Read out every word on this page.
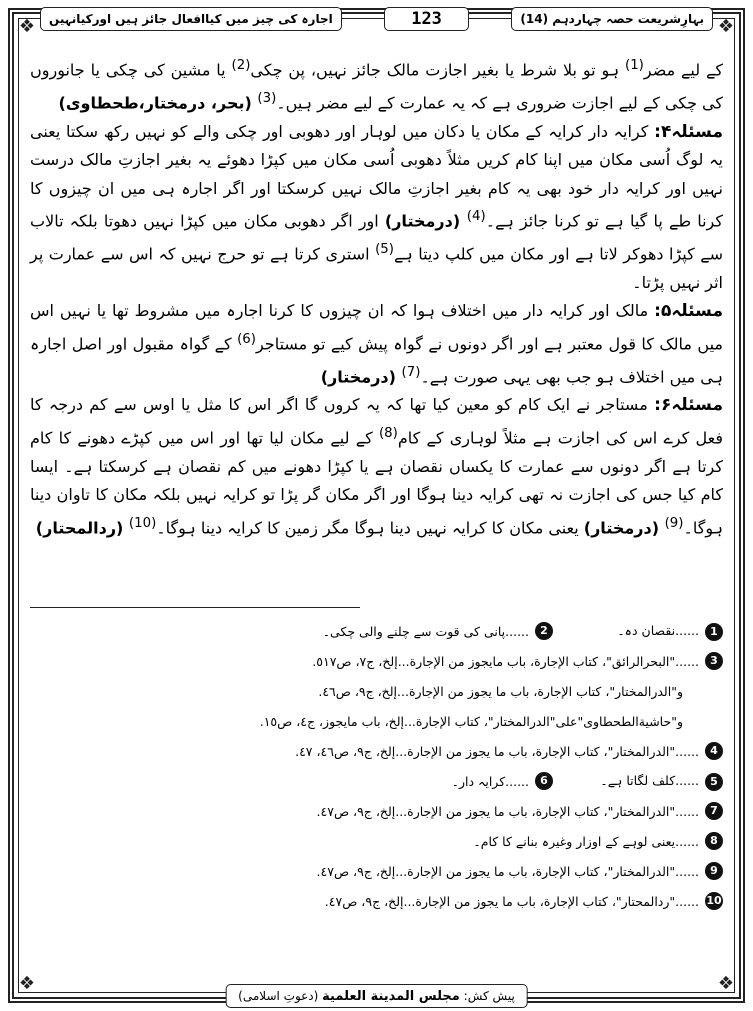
❖	❖
❖	❖
بہارِشریعت حصہ چہاردہم (14)
123
اجارہ کی چیز میں کیاافعال جائز ہیں اورکیانہیں

کے لیے مضر$^{(1)}$ ہو تو بلا شرط یا بغیر اجازت مالک جائز نہیں، پن چکی$^{(2)}$ یا مشین کی چکی یا جانوروں کی چکی کے لیے اجازت ضروری ہے کہ یہ عمارت کے لیے مضر ہیں۔$^{(3)}$ (بحر، درمختار،طحطاوی)

مسئلہ۴: کرایہ دار کرایہ کے مکان یا دکان میں لوہار اور دھوبی اور چکی والے کو نہیں رکھ سکتا یعنی یہ لوگ اُسی مکان میں اپنا کام کریں مثلاً دھوبی اُسی مکان میں کپڑا دھوئے یہ بغیر اجازتِ مالک درست نہیں اور کرایہ دار خود بھی یہ کام بغیر اجازتِ مالک نہیں کرسکتا اور اگر اجارہ ہی میں ان چیزوں کا کرنا طے پا گیا ہے تو کرنا جائز ہے۔$^{(4)}$ (درمختار) اور اگر دھوبی مکان میں کپڑا نہیں دھوتا بلکہ تالاب سے کپڑا دھوکر لاتا ہے اور مکان میں کلپ دیتا ہے$^{(5)}$ استری کرتا ہے تو حرج نہیں کہ اس سے عمارت پر اثر نہیں پڑتا۔

مسئلہ۵: مالک اور کرایہ دار میں اختلاف ہوا کہ ان چیزوں کا کرنا اجارہ میں مشروط تھا یا نہیں اس میں مالک کا قول معتبر ہے اور اگر دونوں نے گواہ پیش کیے تو مستاجر$^{(6)}$ کے گواہ مقبول اور اصل اجارہ ہی میں اختلاف ہو جب بھی یہی صورت ہے۔$^{(7)}$ (درمختار)

مسئلہ۶: مستاجر نے ایک کام کو معین کیا تھا کہ یہ کروں گا اگر اس کا مثل یا اوس سے کم درجہ کا فعل کرے اس کی اجازت ہے مثلاً لوہاری کے کام$^{(8)}$ کے لیے مکان لیا تھا اور اس میں کپڑے دھونے کا کام کرتا ہے اگر دونوں سے عمارت کا یکساں نقصان ہے یا کپڑا دھونے میں کم نقصان ہے کرسکتا ہے۔ ایسا کام کیا جس کی اجازت نہ تھی کرایہ دینا ہوگا اور اگر مکان گر پڑا تو کرایہ نہیں بلکہ مکان کا تاوان دینا ہوگا۔$^{(9)}$ (درمختار) یعنی مکان کا کرایہ نہیں دینا ہوگا مگر زمین کا کرایہ دینا ہوگا۔$^{(10)}$ (ردالمحتار)

1......نقصان دہ۔
2
......پانی کی قوت سے چلنے والی چکی۔
3
......"البحرالرائق"، كتاب الإجارة، باب مايجوز من الإجارة...إلخ، ج٧، ص٥١٧.
و"الدرالمختار"، كتاب الإجارة، باب ما يجوز من الإجارة...إلخ، ج٩، ص٤٦.
و"حاشيةالطحطاوى"على"الدرالمختار"، كتاب الإجارة...إلخ، باب مايجوز، ج٤، ص١٥.
4
......"الدرالمختار"، كتاب الإجارة، باب ما يجوز من الإجارة...إلخ، ج٩، ص٤٦، ٤٧.
5......کلف لگاتا ہے۔
6
......کرایہ دار۔
7
......"الدرالمختار"، كتاب الإجارة، باب ما يجوز من الإجارة...إلخ، ج٩، ص٤٧.
8
......یعنی لوہے کے اوزار وغیرہ بنانے کا کام۔
9
......"الدرالمختار"، كتاب الإجارة، باب ما يجوز من الإجارة...إلخ، ج٩، ص٤٧.
10
......"ردالمحتار"، كتاب الإجارة، باب ما يجوز من الإجارة...إلخ، ج٩، ص٤٧.
پیش کش: مجلس المدينة العلمية (دعوتِ اسلامی)
